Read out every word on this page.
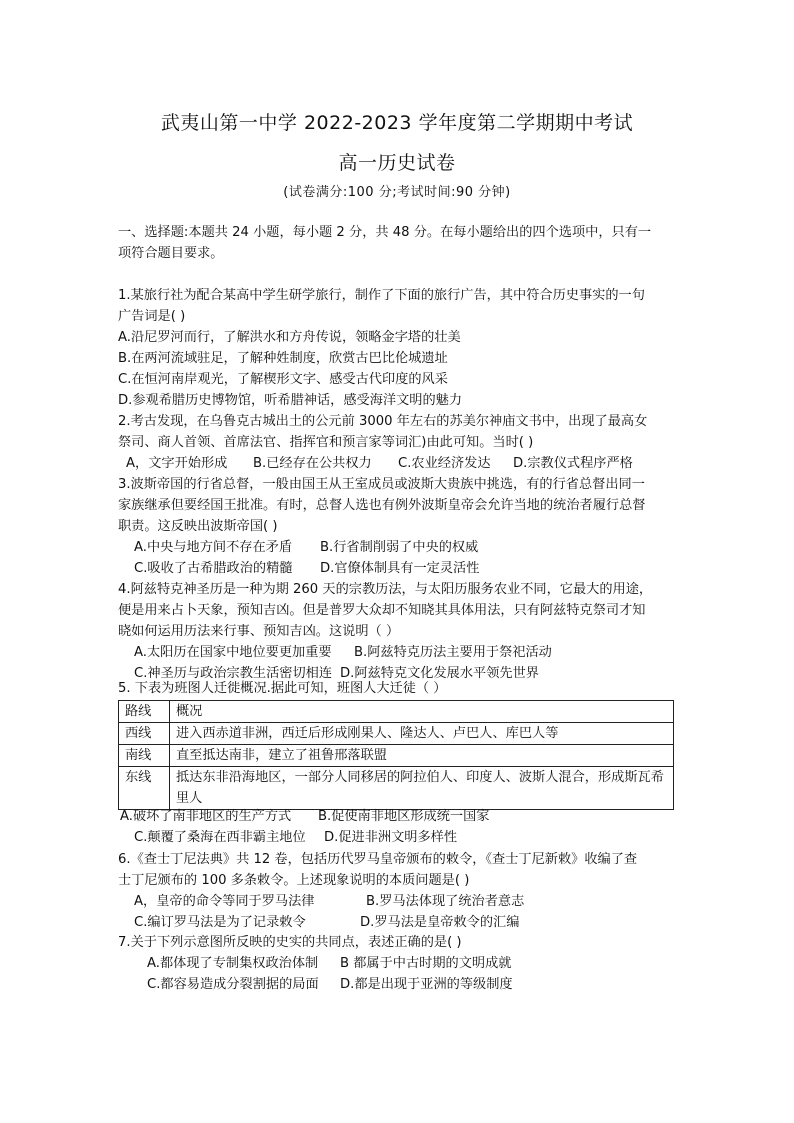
武夷山第一中学 2022-2023 学年度第二学期期中考试
高一历史试卷
(试卷满分:100 分;考试时间:90 分钟)
一、选择题:本题共 24 小题，每小题 2 分，共 48 分。在每小题给出的四个选项中，只有一
项符合题目要求。
1.某旅行社为配合某高中学生研学旅行，制作了下面的旅行广告，其中符合历史事实的一句
广告词是( )
A.沿尼罗河而行，了解洪水和方舟传说，领略金字塔的壮美
B.在两河流域驻足，了解种姓制度，欣赏古巴比伦城遗址
C.在恒河南岸观光，了解楔形文字、感受古代印度的风采
D.参观希腊历史博物馆，听希腊神话，感受海洋文明的魅力
2.考古发现，在乌鲁克古城出土的公元前 3000 年左右的苏美尔神庙文书中，出现了最高女
祭司、商人首领、首席法官、指挥官和预言家等词汇)由此可知。当时( )
A，文字开始形成 B.已经存在公共权力 C.农业经济发达 D.宗教仪式程序严格
3.波斯帝国的行省总督，一般由国王从王室成员或波斯大贵族中挑选，有的行省总督出同一
家族继承但要经国王批准。有时，总督人选也有例外波斯皇帝会允许当地的统治者履行总督
职责。这反映出波斯帝国( )
A.中央与地方间不存在矛盾 B.行省制削弱了中央的权威
C.吸收了古希腊政治的精髓 D.官僚体制具有一定灵活性
4.阿兹特克神圣历是一种为期 260 天的宗教历法，与太阳历服务农业不同，它最大的用途，
便是用来占卜天象，预知吉凶。但是普罗大众却不知晓其具体用法，只有阿兹特克祭司才知
晓如何运用历法来行事、预知吉凶。这说明（ ）
A.太阳历在国家中地位要更加重要 B.阿兹特克历法主要用于祭祀活动
C.神圣历与政治宗教生活密切相连 D.阿兹特克文化发展水平领先世界
5. 下表为班图人迁徙概况.据此可知，班图人大迁徒（ ）
路线	概况
西线	进入西赤道非洲，西迁后形成刚果人、隆达人、卢巴人、库巴人等
南线	直至抵达南非，建立了祖鲁邢落联盟
东线	抵达东非沿海地区，一部分人同移居的阿拉伯人、印度人、波斯人混合，形成斯瓦希里人
A.破坏了南非地区的生产方式 B.促使南非地区形成统一国家
C.颠覆了桑海在西非霸主地位 D.促进非洲文明多样性
6.《查士丁尼法典》共 12 卷，包括历代罗马皇帝颁布的敕令，《查士丁尼新敕》收编了查
士丁尼颁布的 100 多条敕令。上述现象说明的本质问题是( )
A，皇帝的命令等同于罗马法律	B.罗马法体现了统治者意志
C.编订罗马法是为了记录敕令	D.罗马法是皇帝敕令的汇编
7.关于下列示意图所反映的史实的共同点，表述正确的是( )
A.都体现了专制集权政治体制 B 都属于中古时期的文明成就
C.都容易造成分裂割据的局面 D.都是出现于亚洲的等级制度
